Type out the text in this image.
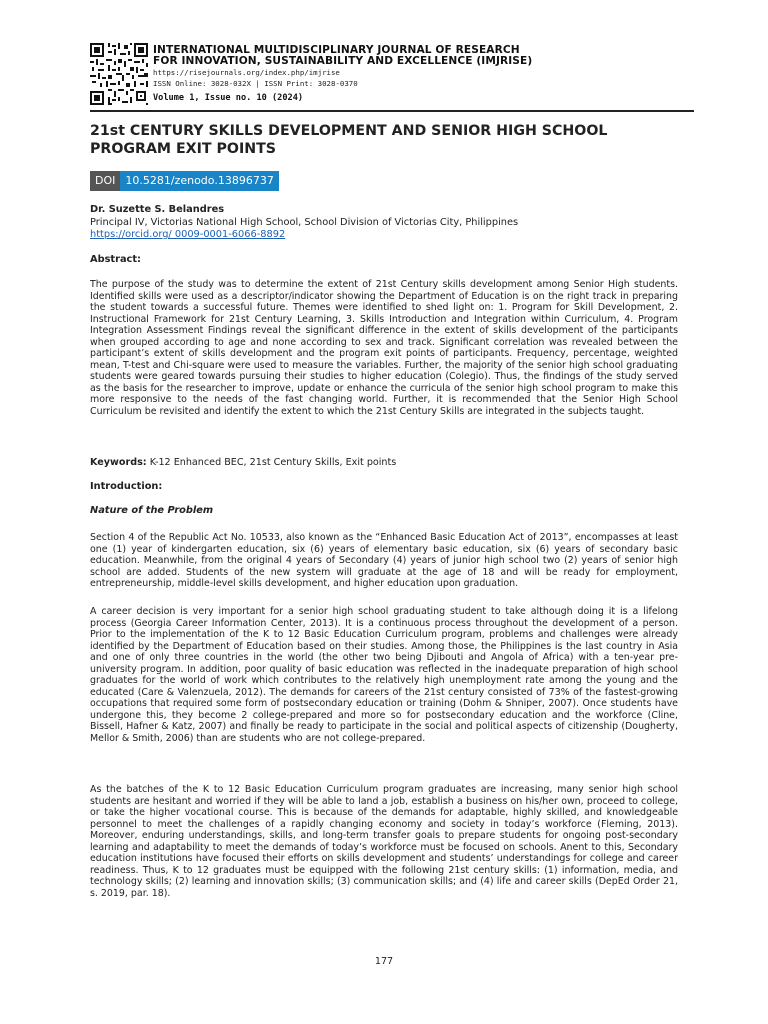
INTERNATIONAL MULTIDISCIPLINARY JOURNAL OF RESEARCH
FOR INNOVATION, SUSTAINABILITY AND EXCELLENCE (IMJRISE)
https://risejournals.org/index.php/imjrise
ISSN Online: 3028-032X | ISSN Print: 3028-0370
Volume 1, Issue no. 10 (2024)
21st CENTURY SKILLS DEVELOPMENT AND SENIOR HIGH SCHOOL PROGRAM EXIT POINTS
DOI 10.5281/zenodo.13896737
Dr. Suzette S. Belandres
Principal IV, Victorias National High School, School Division of Victorias City, Philippines
https://orcid.org/ 0009-0001-6066-8892
Abstract:

The purpose of the study was to determine the extent of 21st Century skills development among Senior High students. Identified skills were used as a descriptor/indicator showing the Department of Education is on the right track in preparing the student towards a successful future. Themes were identified to shed light on: 1. Program for Skill Development, 2. Instructional Framework for 21st Century Learning, 3. Skills Introduction and Integration within Curriculum, 4. Program Integration Assessment Findings reveal the significant difference in the extent of skills development of the participants when grouped according to age and none according to sex and track. Significant correlation was revealed between the participant’s extent of skills development and the program exit points of participants. Frequency, percentage, weighted mean, T-test and Chi-square were used to measure the variables. Further, the majority of the senior high school graduating students were geared towards pursuing their studies to higher education (Colegio). Thus, the findings of the study served as the basis for the researcher to improve, update or enhance the curricula of the senior high school program to make this more responsive to the needs of the fast changing world. Further, it is recommended that the Senior High School Curriculum be revisited and identify the extent to which the 21st Century Skills are integrated in the subjects taught.

Keywords: K-12 Enhanced BEC, 21st Century Skills, Exit points
Introduction:
Nature of the Problem

Section 4 of the Republic Act No. 10533, also known as the “Enhanced Basic Education Act of 2013”, encompasses at least one (1) year of kindergarten education, six (6) years of elementary basic education, six (6) years of secondary basic education. Meanwhile, from the original 4 years of Secondary (4) years of junior high school two (2) years of senior high school are added. Students of the new system will graduate at the age of 18 and will be ready for employment, entrepreneurship, middle-level skills development, and higher education upon graduation.

A career decision is very important for a senior high school graduating student to take although doing it is a lifelong process (Georgia Career Information Center, 2013). It is a continuous process throughout the development of a person. Prior to the implementation of the K to 12 Basic Education Curriculum program, problems and challenges were already identified by the Department of Education based on their studies. Among those, the Philippines is the last country in Asia and one of only three countries in the world (the other two being Djibouti and Angola of Africa) with a ten-year pre-university program. In addition, poor quality of basic education was reflected in the inadequate preparation of high school graduates for the world of work which contributes to the relatively high unemployment rate among the young and the educated (Care & Valenzuela, 2012). The demands for careers of the 21st century consisted of 73% of the fastest-growing occupations that required some form of postsecondary education or training (Dohm & Shniper, 2007). Once students have undergone this, they become 2 college-prepared and more so for postsecondary education and the workforce (Cline, Bissell, Hafner & Katz, 2007) and finally be ready to participate in the social and political aspects of citizenship (Dougherty, Mellor & Smith, 2006) than are students who are not college-prepared.

As the batches of the K to 12 Basic Education Curriculum program graduates are increasing, many senior high school students are hesitant and worried if they will be able to land a job, establish a business on his/her own, proceed to college, or take the higher vocational course. This is because of the demands for adaptable, highly skilled, and knowledgeable personnel to meet the challenges of a rapidly changing economy and society in today’s workforce (Fleming, 2013). Moreover, enduring understandings, skills, and long-term transfer goals to prepare students for ongoing post-secondary learning and adaptability to meet the demands of today’s workforce must be focused on schools. Anent to this, Secondary education institutions have focused their efforts on skills development and students’ understandings for college and career readiness. Thus, K to 12 graduates must be equipped with the following 21st century skills: (1) information, media, and technology skills; (2) learning and innovation skills; (3) communication skills; and (4) life and career skills (DepEd Order 21, s. 2019, par. 18).

177
